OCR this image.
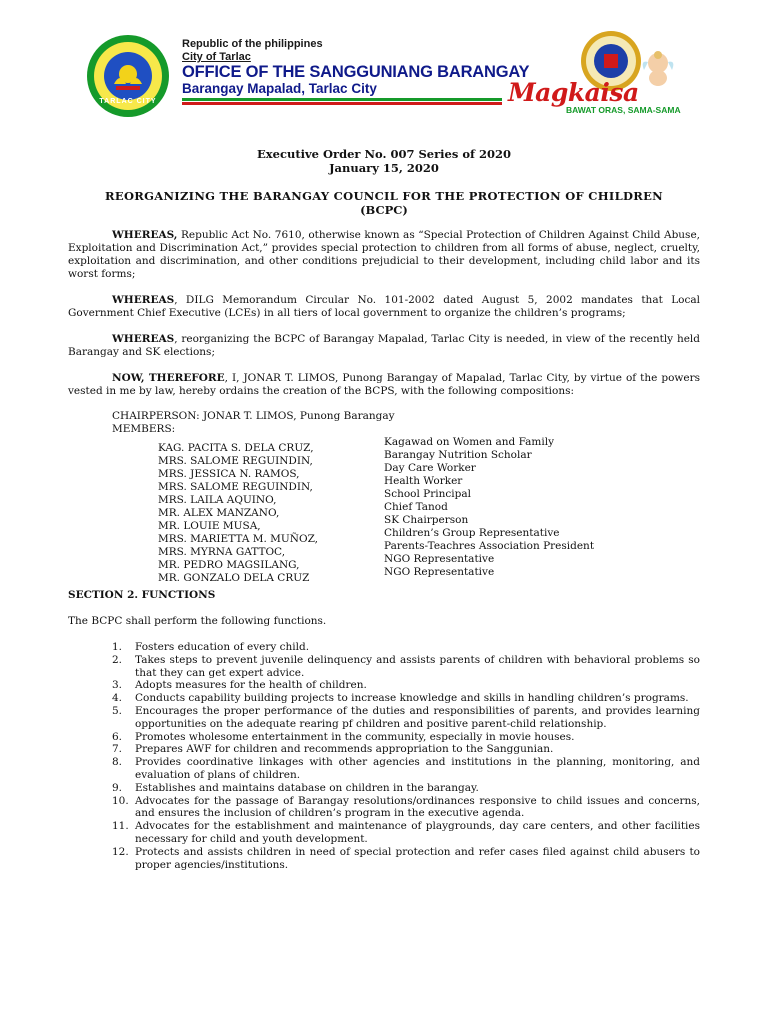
TARLAC CITY
Republic of the philippines
City of Tarlac
OFFICE OF THE SANGGUNIANG BARANGAY
Barangay Mapalad, Tarlac City	Magkaisa
BAWAT ORAS, SAMA-SAMA
Executive Order No. 007 Series of 2020
January 15, 2020
REORGANIZING THE BARANGAY COUNCIL FOR THE PROTECTION OF CHILDREN
(BCPC)
WHEREAS, Republic Act No. 7610, otherwise known as “Special Protection of Children Against Child Abuse, Exploitation and Discrimination Act,” provides special protection to children from all forms of abuse, neglect, cruelty, exploitation and discrimination, and other conditions prejudicial to their development, including child labor and its worst forms;
WHEREAS, DILG Memorandum Circular No. 101-2002 dated August 5, 2002 mandates that Local Government Chief Executive (LCEs) in all tiers of local government to organize the children’s programs;
WHEREAS, reorganizing the BCPC of Barangay Mapalad, Tarlac City is needed, in view of the recently held Barangay and SK elections;
NOW, THEREFORE, I, JONAR T. LIMOS, Punong Barangay of Mapalad, Tarlac City, by virtue of the powers vested in me by law, hereby ordains the creation of the BCPS, with the following compositions:
CHAIRPERSON: JONAR T. LIMOS, Punong Barangay
MEMBERS:
KAG. PACITA S. DELA CRUZ,	Kagawad on Women and Family
MRS. SALOME REGUINDIN,	Barangay Nutrition Scholar
MRS. JESSICA N. RAMOS,	Day Care Worker
MRS. SALOME REGUINDIN,	Health Worker
MRS. LAILA AQUINO,	School Principal
MR. ALEX MANZANO,	Chief Tanod
MR. LOUIE MUSA,	SK Chairperson
MRS. MARIETTA M. MUÑOZ,	Children’s Group Representative
MRS. MYRNA GATTOC,	Parents-Teachres Association President
MR. PEDRO MAGSILANG,	NGO Representative
MR. GONZALO DELA CRUZ	NGO Representative
SECTION 2. FUNCTIONS
The BCPC shall perform the following functions.
1.	Fosters education of every child.
2.	Takes steps to prevent juvenile delinquency and assists parents of children with behavioral problems so that they can get expert advice.
3.	Adopts measures for the health of children.
4.	Conducts capability building projects to increase knowledge and skills in handling children’s programs.
5.	Encourages the proper performance of the duties and responsibilities of parents, and provides learning opportunities on the adequate rearing pf children and positive parent-child relationship.
6.	Promotes wholesome entertainment in the community, especially in movie houses.
7.	Prepares AWF for children and recommends appropriation to the Sanggunian.
8.	Provides coordinative linkages with other agencies and institutions in the planning, monitoring, and evaluation of plans of children.
9.	Establishes and maintains database on children in the barangay.
10. Advocates for the passage of Barangay resolutions/ordinances responsive to child issues and concerns, and ensures the inclusion of children’s program in the executive agenda.
11. Advocates for the establishment and maintenance of playgrounds, day care centers, and other facilities necessary for child and youth development.
12. Protects and assists children in need of special protection and refer cases filed against child abusers to proper agencies/institutions.
